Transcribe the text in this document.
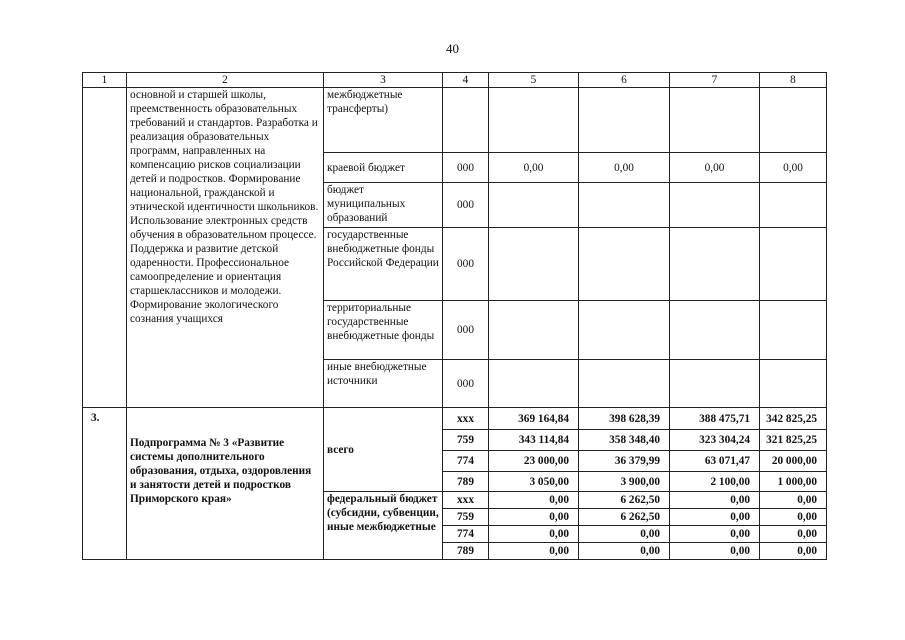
40
1	2	3	4	5	6	7	8
	основной и старшей школы, преемственность образовательных требований и стандартов. Разработка и реализация образовательных программ, направленных на компенсацию рисков социализации детей и подростков. Формирование национальной, гражданской и этнической идентичности школьников. Использование электронных средств обучения в образовательном процессе. Поддержка и развитие детской одаренности. Профессиональное самоопределение и ориентация старшеклассников и молодежи. Формирование экологического сознания учащихся	межбюджетные трансферты)					
		краевой бюджет	000	0,00	0,00	0,00	0,00
		бюджет муниципальных образований	000				
		государственные внебюджетные фонды Российской Федерации	000				
		территориальные государственные внебюджетные фонды	000				
		иные внебюджетные источники	000				
3.	Подпрограмма № 3 «Развитие системы дополнительного образования, отдыха, оздоровления и занятости детей и подростков Приморского края»	всего	ххх	369 164,84	398 628,39	388 475,71	342 825,25
			759	343 114,84	358 348,40	323 304,24	321 825,25
			774	23 000,00	36 379,99	63 071,47	20 000,00
			789	3 050,00	3 900,00	2 100,00	1 000,00
		федеральный бюджет (субсидии, субвенции, иные межбюджетные	ххх	0,00	6 262,50	0,00	0,00
			759	0,00	6 262,50	0,00	0,00
			774	0,00	0,00	0,00	0,00
			789	0,00	0,00	0,00	0,00
